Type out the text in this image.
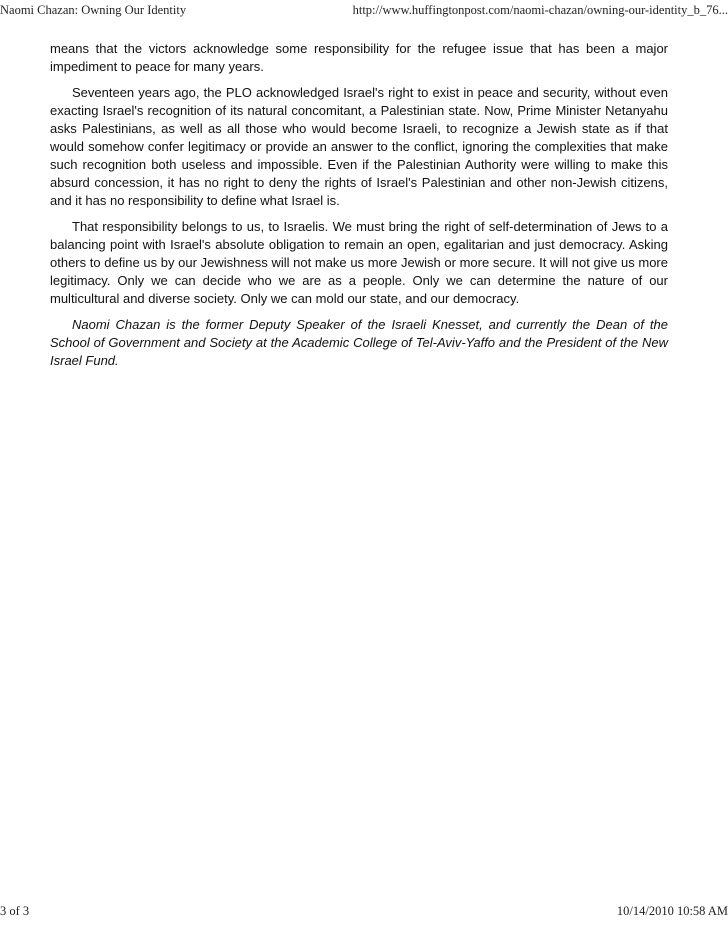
Naomi Chazan: Owning Our Identity	http://www.huffingtonpost.com/naomi-chazan/owning-our-identity_b_76...

means that the victors acknowledge some responsibility for the refugee issue that has been a major impediment to peace for many years.

Seventeen years ago, the PLO acknowledged Israel's right to exist in peace and security, without even exacting Israel's recognition of its natural concomitant, a Palestinian state. Now, Prime Minister Netanyahu asks Palestinians, as well as all those who would become Israeli, to recognize a Jewish state as if that would somehow confer legitimacy or provide an answer to the conflict, ignoring the complexities that make such recognition both useless and impossible. Even if the Palestinian Authority were willing to make this absurd concession, it has no right to deny the rights of Israel's Palestinian and other non-Jewish citizens, and it has no responsibility to define what Israel is.

That responsibility belongs to us, to Israelis. We must bring the right of self-determination of Jews to a balancing point with Israel's absolute obligation to remain an open, egalitarian and just democracy. Asking others to define us by our Jewishness will not make us more Jewish or more secure. It will not give us more legitimacy. Only we can decide who we are as a people. Only we can determine the nature of our multicultural and diverse society. Only we can mold our state, and our democracy.

Naomi Chazan is the former Deputy Speaker of the Israeli Knesset, and currently the Dean of the School of Government and Society at the Academic College of Tel-Aviv-Yaffo and the President of the New Israel Fund.

3 of 3	10/14/2010 10:58 AM
